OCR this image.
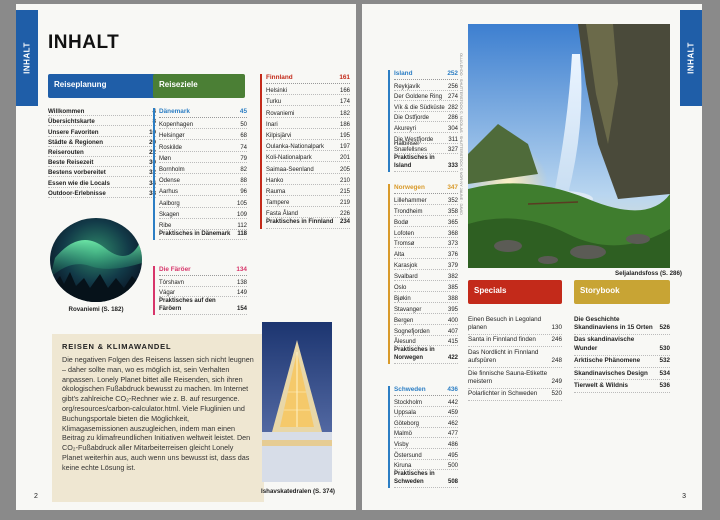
INHALT INHALT
Reiseplanung	Reiseziele
Willkommen	4
Übersichtskarte	8
Unsere Favoriten	10
Städte & Regionen	20
Reiserouten	22
Beste Reisezeit	30
Bestens vorbereitet	32
Essen wie die Locals	34
Outdoor-Erlebnisse	38
Rovaniemi (S. 182)
Dänemark	45
Kopenhagen	50
Helsingør	68
Roskilde	74
Møn	79
Bornholm	82
Odense	88
Aarhus	96
Aalborg	105
Skagen	109
Ribe	112
Praktisches in Dänemark	118
Die Färöer	134
Tórshavn	138
Vágar	149
Praktisches auf den Färöern	154
Finnland	161
Helsinki	166
Turku	174
Rovaniemi	182
Inari	186
Kilpisjärvi	195
Oulanka-Nationalpark	197
Koli-Nationalpark	201
Saimaa-Seenland	205
Hanko	210
Rauma	215
Tampere	219
Fasta Åland	226
Praktisches in Finnland	234
REISEN & KLIMAWANDEL

Die negativen Folgen des Reisens lassen sich nicht leugnen – daher sollte man, wo es möglich ist, sein Verhalten anpassen. Lonely Planet bittet alle Reisenden, sich ihren ökologischen Fußabdruck bewusst zu machen. Im Internet gibt's zahlreiche CO₂-Rechner wie z. B. auf resurgence. org/resources/carbon-calculator.html. Viele Fluglinien und Buchungsportale bieten die Möglichkeit, Klimagasemissionen auszugleichen, indem man einen Beitrag zu klimafreundlichen Initiativen weltweit leistet. Den CO₂-Fußabdruck aller Mitarbeiterreisen gleicht Lonely Planet weiterhin aus, auch wenn uns bewusst ist, dass das keine echte Lösung ist.

Ishavskatedralen (S. 374)
2
INHALT
Island	252
Reykjavík	256
Der Goldene Ring 274
Vík & die Südküste 282
Die Ostfjorde	286
Akureyri	304
Die Westfjorde	311
Halbinsel Snæfellsnes	327
Praktisches in Island	333
Norwegen	347
Lillehammer	352
Trondheim	358
Bodø	365
Lofoten	368
Tromsø	373
Alta	376
Karasjok	379
Svalbard	382
Oslo	385
Bjøkin	388
Stavanger	395
Bergen	400
Sognefjorden	407
Ålesund	415
Praktisches in Norwegen	422
Schweden	436
Stockholm	442
Uppsala	459
Göteborg	462
Malmö	477
Visby	486
Östersund	495
Kiruna	500
Praktisches in Schweden	508
OLLI/LEHDO · SHUTTERSTOCK ©, NICOLAS · SHUTTERSTOCK © NOR·NY JAUNE · DAVID
Seljalandsfoss (S. 286)
Specials	Storybook
Einen Besuch in Legoland planen	130
Santa in Finnland finden	246
Das Nordlicht in Finnland aufspüren	248
Die finnische Sauna-Etikette meistern	249
Polarlichter in Schweden	520
Die Geschichte Skandinaviens in 15 Orten	526
Das skandinavische Wunder	530
Arktische Phänomene	532
Skandinavisches Design	534
Tierwelt & Wildnis	536
3
